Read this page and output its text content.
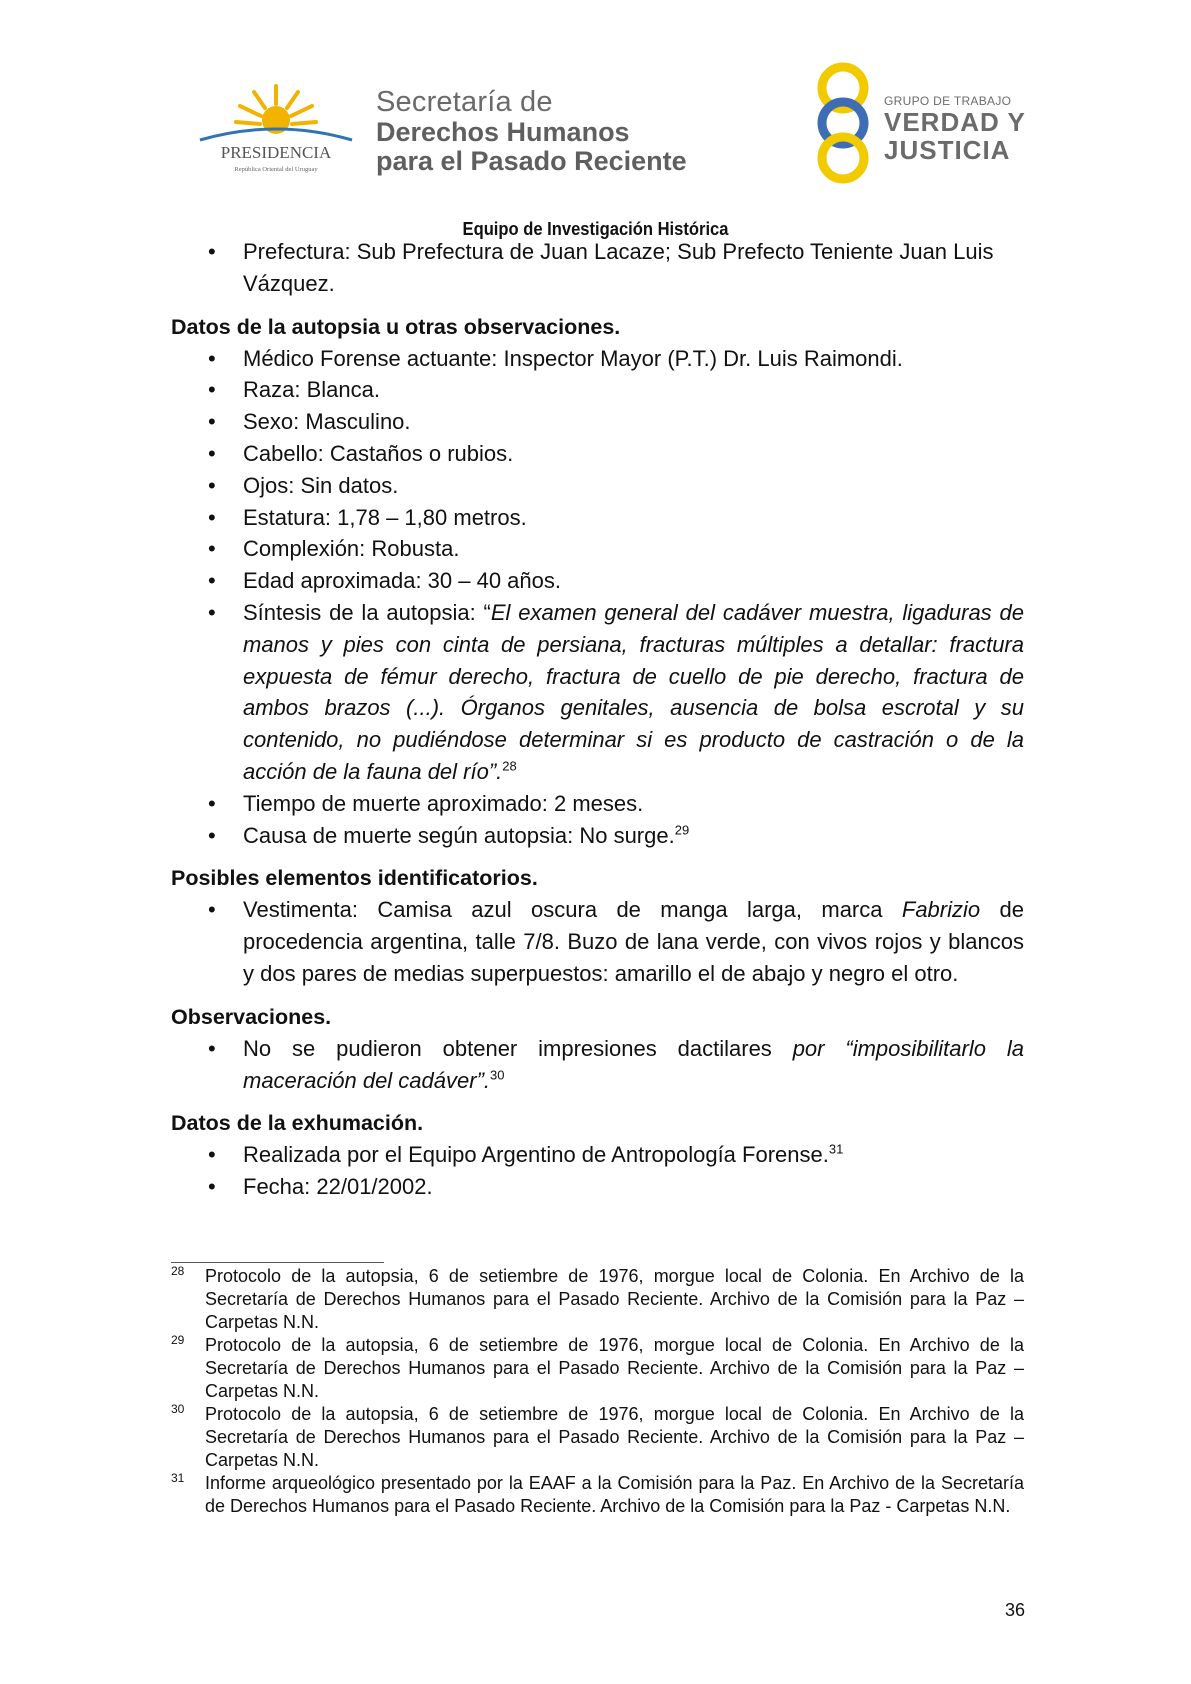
PRESIDENCIA
República Oriental del Uruguay
Secretaría de
Derechos Humanos
para el Pasado Reciente
GRUPO DE TRABAJO
VERDAD Y
JUSTICIA
Equipo de Investigación Histórica
• Prefectura: Sub Prefectura de Juan Lacaze; Sub Prefecto Teniente Juan Luis Vázquez.
Datos de la autopsia u otras observaciones.
• Médico Forense actuante: Inspector Mayor (P.T.) Dr. Luis Raimondi.
• Raza: Blanca.
• Sexo: Masculino.
• Cabello: Castaños o rubios.
• Ojos: Sin datos.
• Estatura: 1,78 – 1,80 metros.
• Complexión: Robusta.
• Edad aproximada: 30 – 40 años.
• Síntesis de la autopsia: “El examen general del cadáver muestra, ligaduras de manos y pies con cinta de persiana, fracturas múltiples a detallar: fractura expuesta de fémur derecho, fractura de cuello de pie derecho, fractura de ambos brazos (...). Órganos genitales, ausencia de bolsa escrotal y su contenido, no pudiéndose determinar si es producto de castración o de la acción de la fauna del río”.$^{28}$
• Tiempo de muerte aproximado: 2 meses.
• Causa de muerte según autopsia: No surge.$^{29}$
Posibles elementos identificatorios.
• Vestimenta: Camisa azul oscura de manga larga, marca Fabrizio de procedencia argentina, talle 7/8. Buzo de lana verde, con vivos rojos y blancos y dos pares de medias superpuestos: amarillo el de abajo y negro el otro.
Observaciones.
• No se pudieron obtener impresiones dactilares por “imposibilitarlo la maceración del cadáver”.$^{30}$
Datos de la exhumación.
• Realizada por el Equipo Argentino de Antropología Forense.$^{31}$
• Fecha: 22/01/2002.
28 Protocolo de la autopsia, 6 de setiembre de 1976, morgue local de Colonia. En Archivo de la Secretaría de Derechos Humanos para el Pasado Reciente. Archivo de la Comisión para la Paz – Carpetas N.N.
29 Protocolo de la autopsia, 6 de setiembre de 1976, morgue local de Colonia. En Archivo de la Secretaría de Derechos Humanos para el Pasado Reciente. Archivo de la Comisión para la Paz – Carpetas N.N.
30 Protocolo de la autopsia, 6 de setiembre de 1976, morgue local de Colonia. En Archivo de la Secretaría de Derechos Humanos para el Pasado Reciente. Archivo de la Comisión para la Paz – Carpetas N.N.
31 Informe arqueológico presentado por la EAAF a la Comisión para la Paz. En Archivo de la Secretaría de Derechos Humanos para el Pasado Reciente. Archivo de la Comisión para la Paz - Carpetas N.N.
36
